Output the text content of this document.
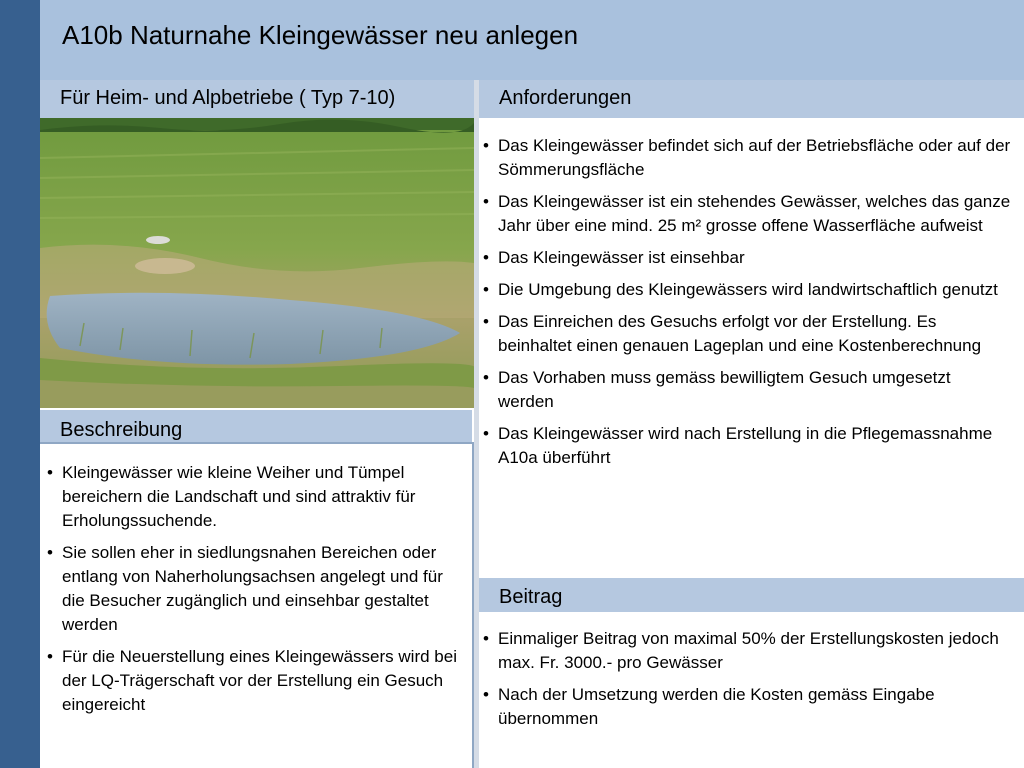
A10b Naturnahe Kleingewässer neu anlegen
Für Heim- und Alpbetriebe ( Typ 7-10)	Anforderungen
• Das Kleingewässer befindet sich auf der Betriebsfläche oder auf der Sömmerungsfläche
• Das Kleingewässer ist ein stehendes Gewässer, welches das ganze Jahr über eine mind. 25 m² grosse offene Wasserfläche aufweist
• Das Kleingewässer ist einsehbar
• Die Umgebung des Kleingewässers wird landwirtschaftlich genutzt
• Das Einreichen des Gesuchs erfolgt vor der Erstellung. Es beinhaltet einen genauen Lageplan und eine Kostenberechnung
• Das Vorhaben muss gemäss bewilligtem Gesuch umgesetzt werden
• Das Kleingewässer wird nach Erstellung in die Pflegemassnahme A10a überführt
Beschreibung
• Kleingewässer wie kleine Weiher und Tümpel bereichern die Landschaft und sind attraktiv für Erholungssuchende.
• Sie sollen eher in siedlungsnahen Bereichen oder entlang von Naherholungsachsen angelegt und für die Besucher zugänglich und einsehbar gestaltet werden
• Für die Neuerstellung eines Kleingewässers wird bei der LQ-Trägerschaft vor der Erstellung ein Gesuch eingereicht
Beitrag
• Einmaliger Beitrag von maximal 50% der Erstellungskosten jedoch max. Fr. 3000.- pro Gewässer
• Nach der Umsetzung werden die Kosten gemäss Eingabe übernommen
